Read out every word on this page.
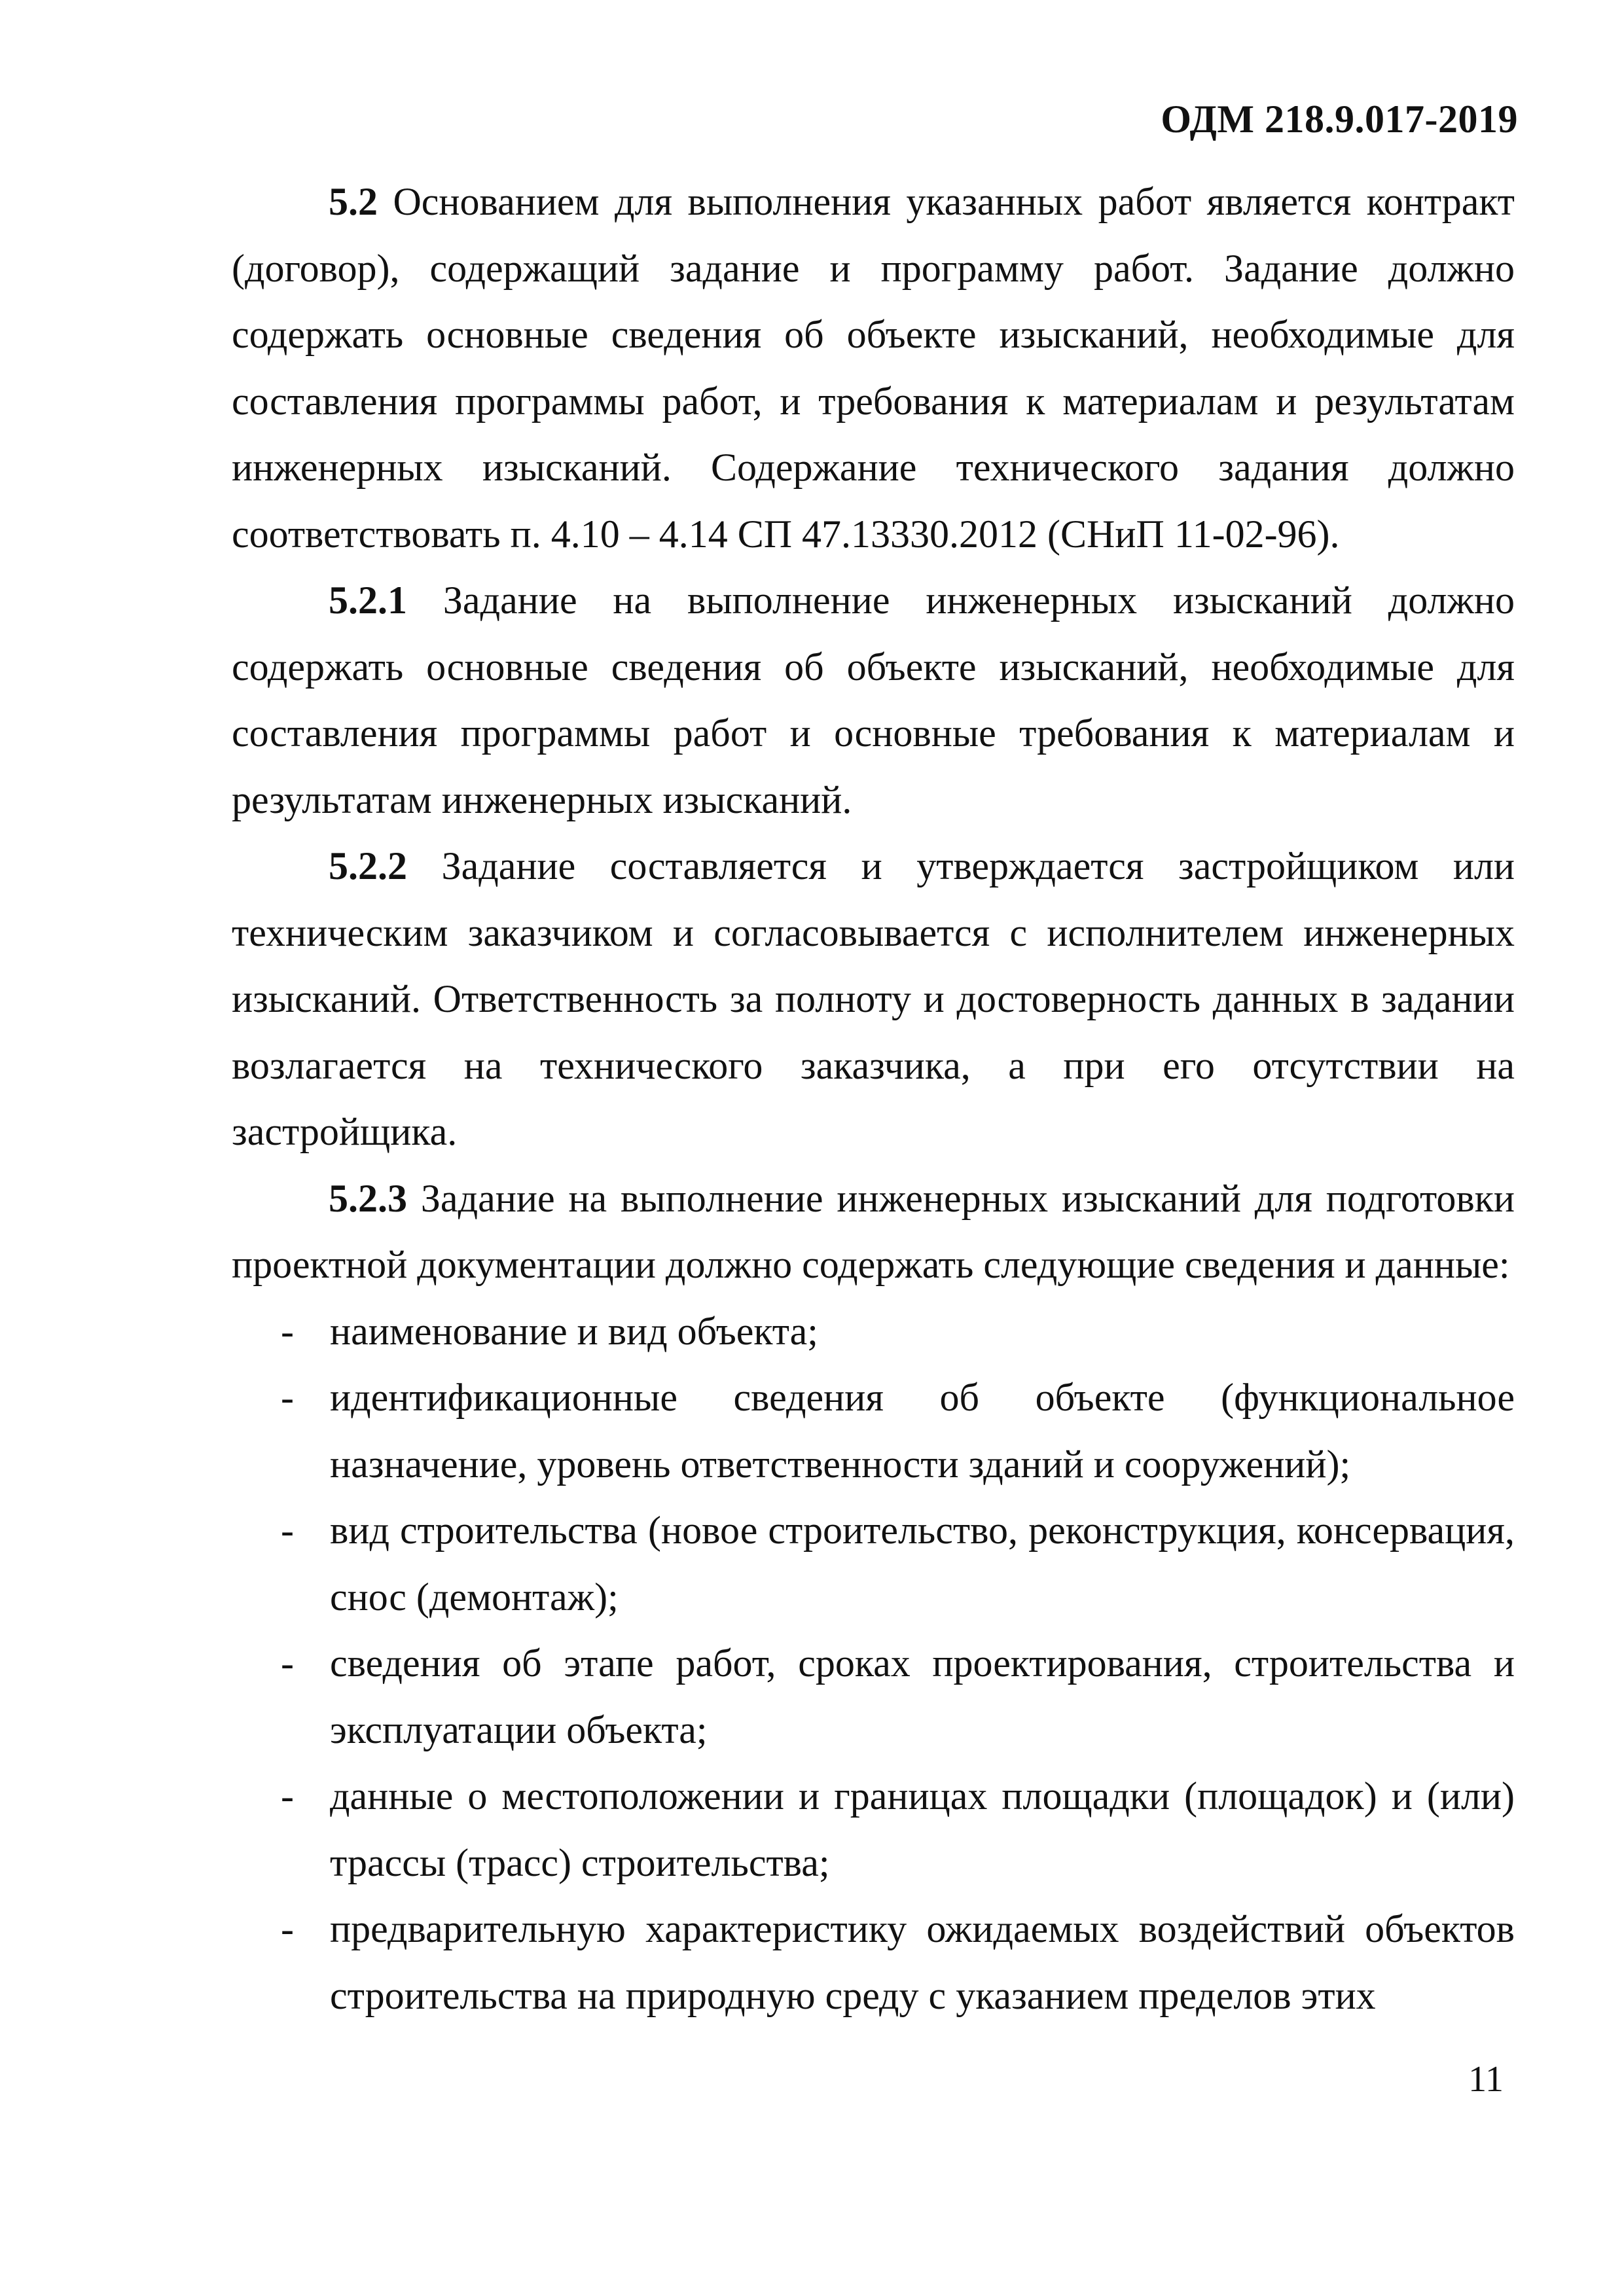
ОДМ 218.9.017-2019

5.2 Основанием для выполнения указанных работ является контракт (договор), содержащий задание и программу работ. Задание должно содержать основные сведения об объекте изысканий, необходимые для составления программы работ, и требования к материалам и результатам инженерных изысканий. Содержание технического задания должно соответствовать п. 4.10 – 4.14 СП 47.13330.2012 (СНиП 11-02-96).

5.2.1 Задание на выполнение инженерных изысканий должно содержать основные сведения об объекте изысканий, необходимые для составления программы работ и основные требования к материалам и результатам инженерных изысканий.

5.2.2 Задание составляется и утверждается застройщиком или техническим заказчиком и согласовывается с исполнителем инженерных изысканий. Ответственность за полноту и достоверность данных в задании возлагается на технического заказчика, а при его отсутствии на застройщика.

5.2.3 Задание на выполнение инженерных изысканий для подготовки проектной документации должно содержать следующие сведения и данные:

- наименование и вид объекта;
- идентификационные сведения об объекте (функциональное назначение, уровень ответственности зданий и сооружений);
- вид строительства (новое строительство, реконструкция, консервация, снос (демонтаж);
- сведения об этапе работ, сроках проектирования, строительства и эксплуатации объекта;
- данные о местоположении и границах площадки (площадок) и (или) трассы (трасс) строительства;
- предварительную характеристику ожидаемых воздействий объектов строительства на природную среду с указанием пределов этих
11
